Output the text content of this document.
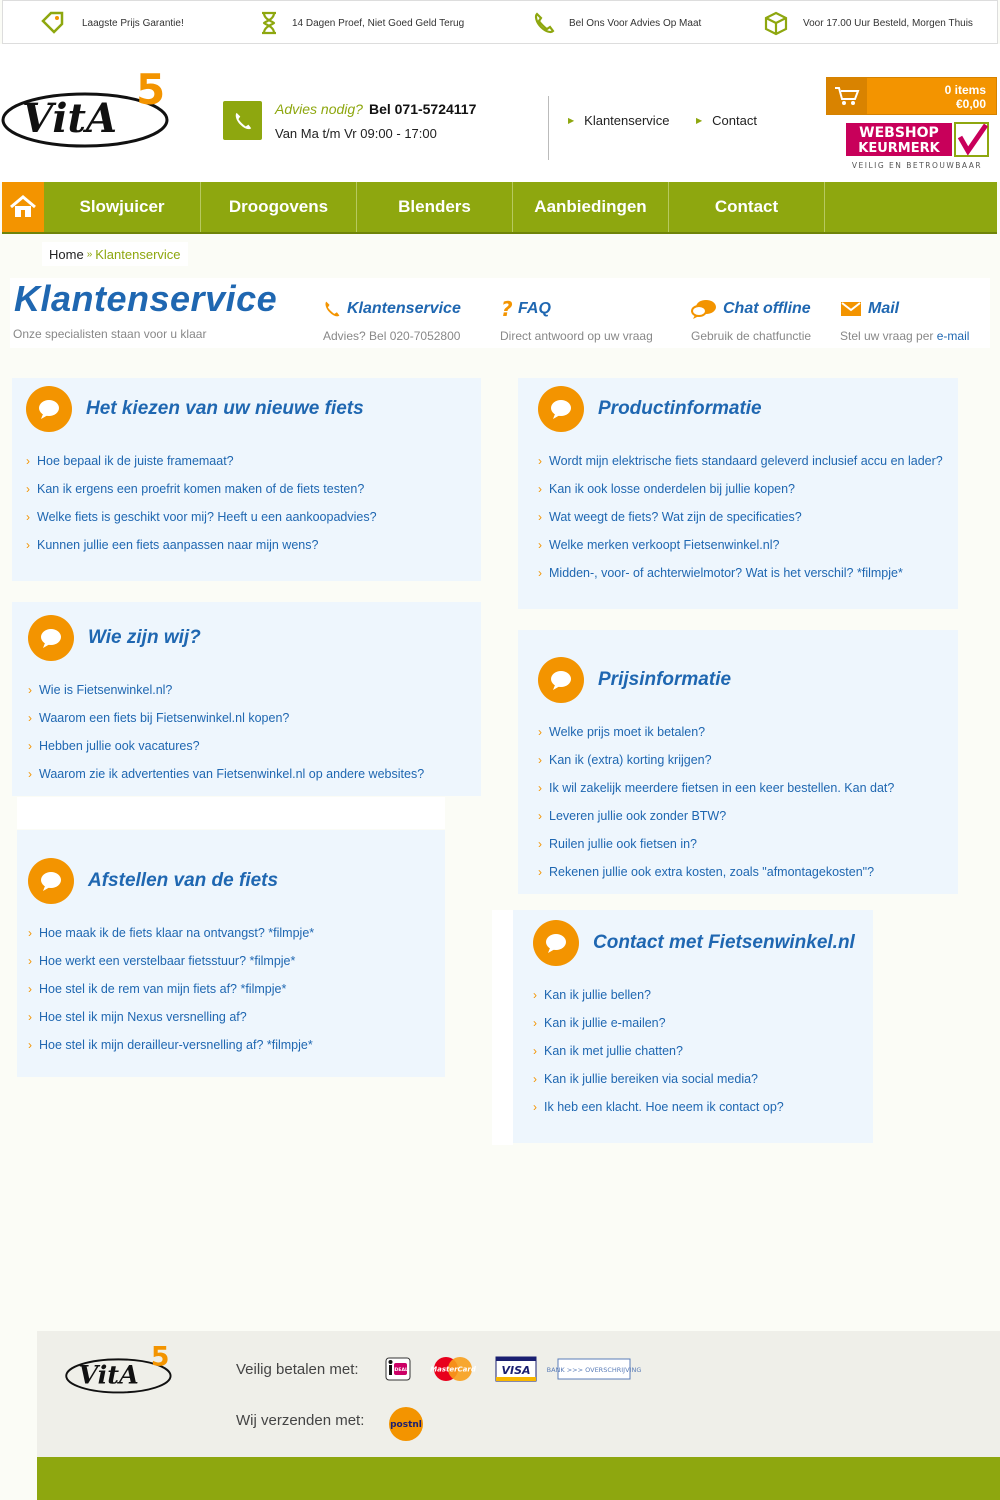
Laagste Prijs Garantie!	14 Dagen Proef, Niet Goed Geld Terug	Bel Ons Voor Advies Op Maat	Voor 17.00 Uur Besteld, Morgen Thuis
VitA
5	Advies nodig? Bel 071-5724117
Van Ma t/m Vr 09:00 - 17:00
▶ Klantenservice	▶ Contact
0 items
€0,00
WEBSHOP
KEURMERK
VEILIG EN BETROUWBAAR
Slowjuicer	Droogovens	Blenders	Aanbiedingen	Contact
Home » Klantenservice
Klantenservice
Onze specialisten staan voor u klaar
Klantenservice
Advies? Bel 020-7052800
? FAQ
Direct antwoord op uw vraag
Chat offline
Gebruik de chatfunctie
Mail
Stel uw vraag per e-mail
Het kiezen van uw nieuwe fiets
› Hoe bepaal ik de juiste framemaat?
› Kan ik ergens een proefrit komen maken of de fiets testen?
› Welke fiets is geschikt voor mij? Heeft u een aankoopadvies?
› Kunnen jullie een fiets aanpassen naar mijn wens?
Productinformatie
› Wordt mijn elektrische fiets standaard geleverd inclusief accu en lader?
› Kan ik ook losse onderdelen bij jullie kopen?
› Wat weegt de fiets? Wat zijn de specificaties?
› Welke merken verkoopt Fietsenwinkel.nl?
› Midden-, voor- of achterwielmotor? Wat is het verschil? *filmpje*
Wie zijn wij?
› Wie is Fietsenwinkel.nl?
› Waarom een fiets bij Fietsenwinkel.nl kopen?
› Hebben jullie ook vacatures?
› Waarom zie ik advertenties van Fietsenwinkel.nl op andere websites?
Prijsinformatie
› Welke prijs moet ik betalen?
› Kan ik (extra) korting krijgen?
› Ik wil zakelijk meerdere fietsen in een keer bestellen. Kan dat?
› Leveren jullie ook zonder BTW?
› Ruilen jullie ook fietsen in?
› Rekenen jullie ook extra kosten, zoals "afmontagekosten"?
Afstellen van de fiets
› Hoe maak ik de fiets klaar na ontvangst? *filmpje*
› Hoe werkt een verstelbaar fietsstuur? *filmpje*
› Hoe stel ik de rem van mijn fiets af? *filmpje*
› Hoe stel ik mijn Nexus versnelling af?
› Hoe stel ik mijn derailleur-versnelling af? *filmpje*
Contact met Fietsenwinkel.nl
› Kan ik jullie bellen?
› Kan ik jullie e-mailen?
› Kan ik met jullie chatten?
› Kan ik jullie bereiken via social media?
› Ik heb een klacht. Hoe neem ik contact op?
VitA
5	Veilig betalen met:
Wij verzenden met:
iDEAL	MasterCard VISA BANK >>> OVERSCHRIJVING
postnl
